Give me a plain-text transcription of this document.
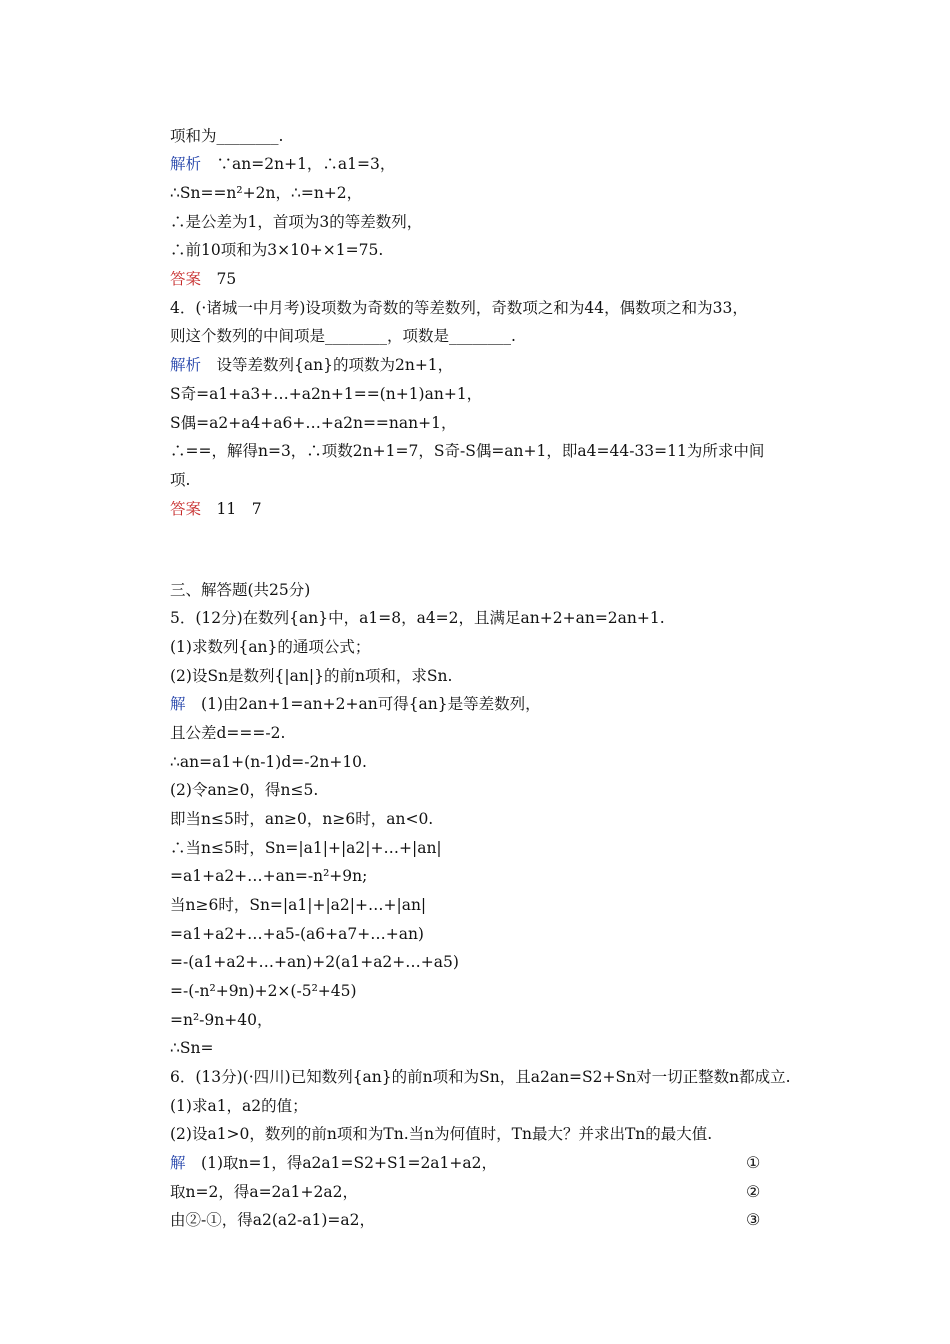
项和为________.
解析　 ∵an=2n+1，∴a1=3，
∴Sn==n²+2n，∴=n+2，
∴是公差为1，首项为3的等差数列，
∴前10项和为3×10+×1=75.
答案　 75
4．(·诸城一中月考)设项数为奇数的等差数列，奇数项之和为44，偶数项之和为33，
则这个数列的中间项是________，项数是________.
解析　 设等差数列{an}的项数为2n+1，
S奇=a1+a3+…+a2n+1==(n+1)an+1，
S偶=a2+a4+a6+…+a2n==nan+1，
∴==，解得n=3，∴项数2n+1=7，S奇-S偶=an+1，即a4=44-33=11为所求中间
项.
答案　 11　7
三、解答题(共25分)
5．(12分)在数列{an}中，a1=8，a4=2，且满足an+2+an=2an+1.
(1)求数列{an}的通项公式；
(2)设Sn是数列{|an|}的前n项和，求Sn.
解　 (1)由2an+1=an+2+an可得{an}是等差数列，
且公差d===-2.
∴an=a1+(n-1)d=-2n+10.
(2)令an≥0，得n≤5.
即当n≤5时，an≥0，n≥6时，an<0.
∴当n≤5时，Sn=|a1|+|a2|+…+|an|
=a1+a2+…+an=-n²+9n;
当n≥6时，Sn=|a1|+|a2|+…+|an|
=a1+a2+…+a5-(a6+a7+…+an)
=-(a1+a2+…+an)+2(a1+a2+…+a5)
=-(-n²+9n)+2×(-5²+45)
=n²-9n+40，
∴Sn=
6．(13分)(·四川)已知数列{an}的前n项和为Sn，且a2an=S2+Sn对一切正整数n都成立.
(1)求a1，a2的值；
(2)设a1>0，数列的前n项和为Tn.当n为何值时，Tn最大？并求出Tn的最大值.
解　 (1)取n=1，得a2a1=S2+S1=2a1+a2，	①
取n=2，得a=2a1+2a2，	②
由②-①，得a2(a2-a1)=a2，	③
